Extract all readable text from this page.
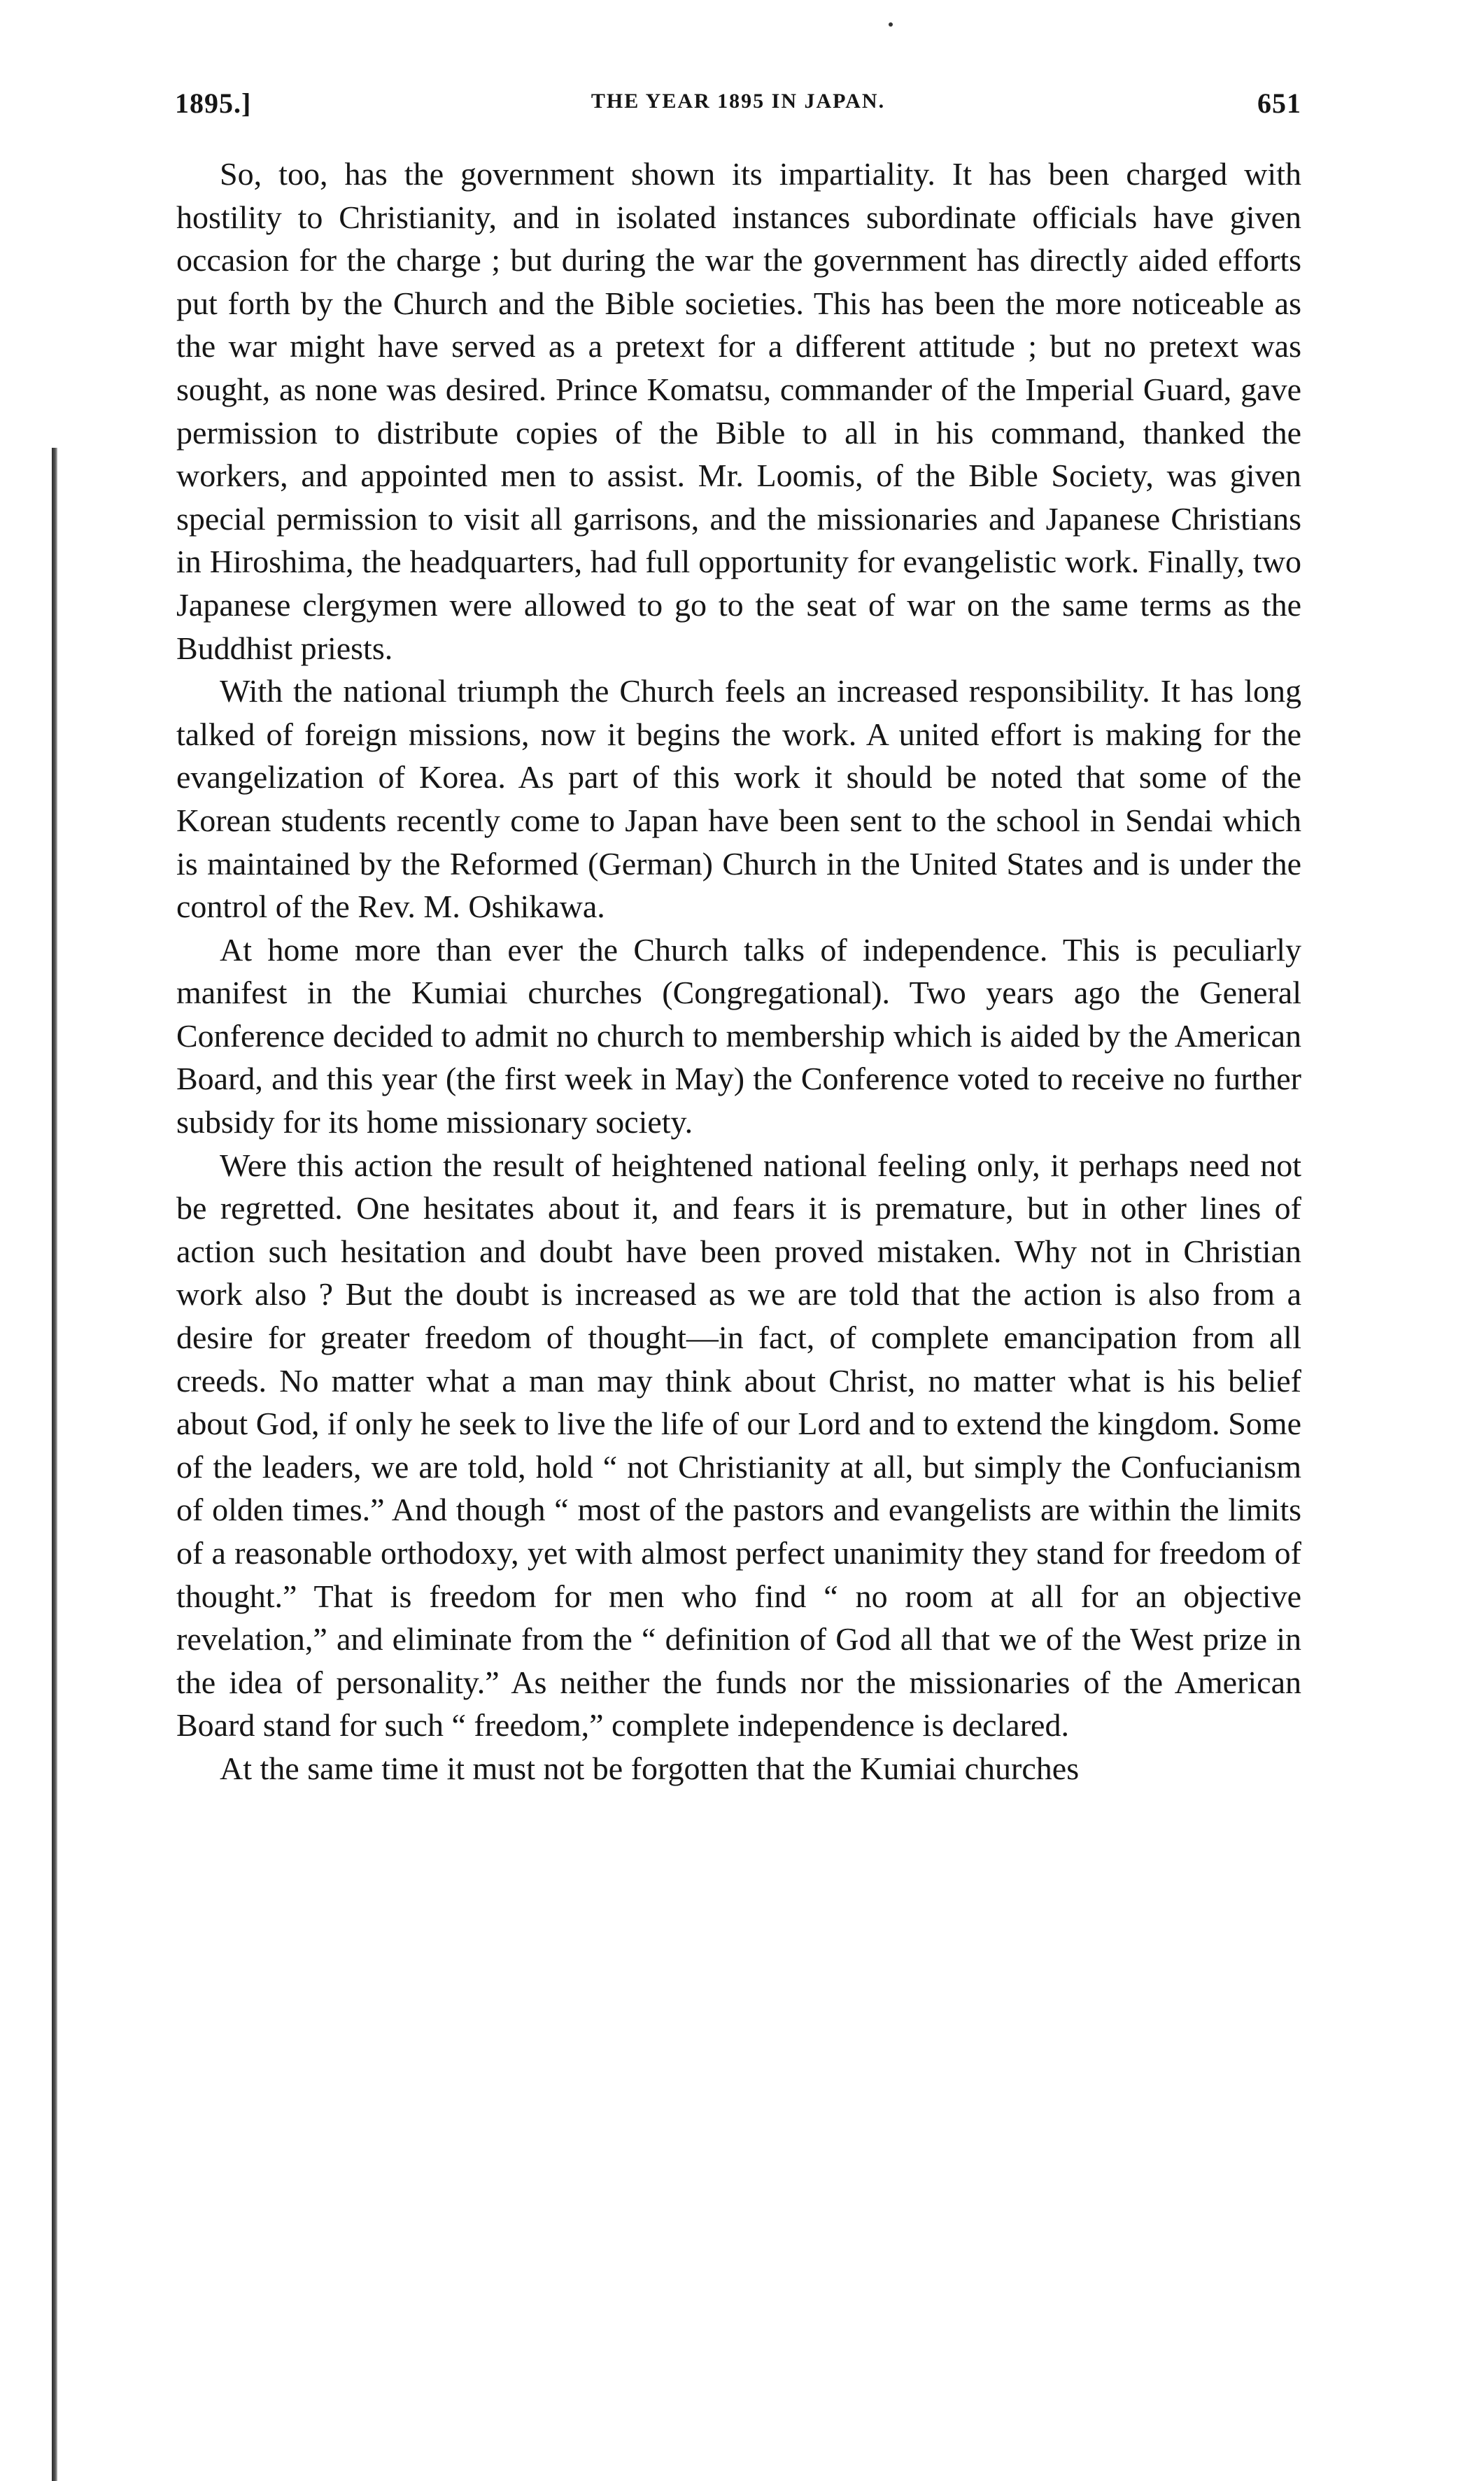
1895.]	THE YEAR 1895 IN JAPAN.	651

So, too, has the government shown its impartiality. It has been charged with hostility to Christianity, and in isolated instances subordinate officials have given occasion for the charge ; but during the war the government has directly aided efforts put forth by the Church and the Bible societies. This has been the more noticeable as the war might have served as a pretext for a different attitude ; but no pretext was sought, as none was desired. Prince Komatsu, commander of the Imperial Guard, gave permission to distribute copies of the Bible to all in his command, thanked the workers, and appointed men to assist. Mr. Loomis, of the Bible Society, was given special permission to visit all garrisons, and the missionaries and Japanese Christians in Hiroshima, the headquarters, had full opportunity for evangelistic work. Finally, two Japanese clergymen were allowed to go to the seat of war on the same terms as the Buddhist priests.

With the national triumph the Church feels an increased responsibility. It has long talked of foreign missions, now it begins the work. A united effort is making for the evangelization of Korea. As part of this work it should be noted that some of the Korean students recently come to Japan have been sent to the school in Sendai which is maintained by the Reformed (German) Church in the United States and is under the control of the Rev. M. Oshikawa.

At home more than ever the Church talks of independence. This is peculiarly manifest in the Kumiai churches (Congregational). Two years ago the General Conference decided to admit no church to membership which is aided by the American Board, and this year (the first week in May) the Conference voted to receive no further subsidy for its home missionary society.

Were this action the result of heightened national feeling only, it perhaps need not be regretted. One hesitates about it, and fears it is premature, but in other lines of action such hesitation and doubt have been proved mistaken. Why not in Christian work also ? But the doubt is increased as we are told that the action is also from a desire for greater freedom of thought—in fact, of complete emancipation from all creeds. No matter what a man may think about Christ, no matter what is his belief about God, if only he seek to live the life of our Lord and to extend the kingdom. Some of the leaders, we are told, hold “ not Christianity at all, but simply the Confucianism of olden times.” And though “ most of the pastors and evangelists are within the limits of a reasonable orthodoxy, yet with almost perfect unanimity they stand for freedom of thought.” That is freedom for men who find “ no room at all for an objective revelation,” and eliminate from the “ definition of God all that we of the West prize in the idea of personality.” As neither the funds nor the missionaries of the American Board stand for such “ freedom,” complete independence is declared.

At the same time it must not be forgotten that the Kumiai churches
